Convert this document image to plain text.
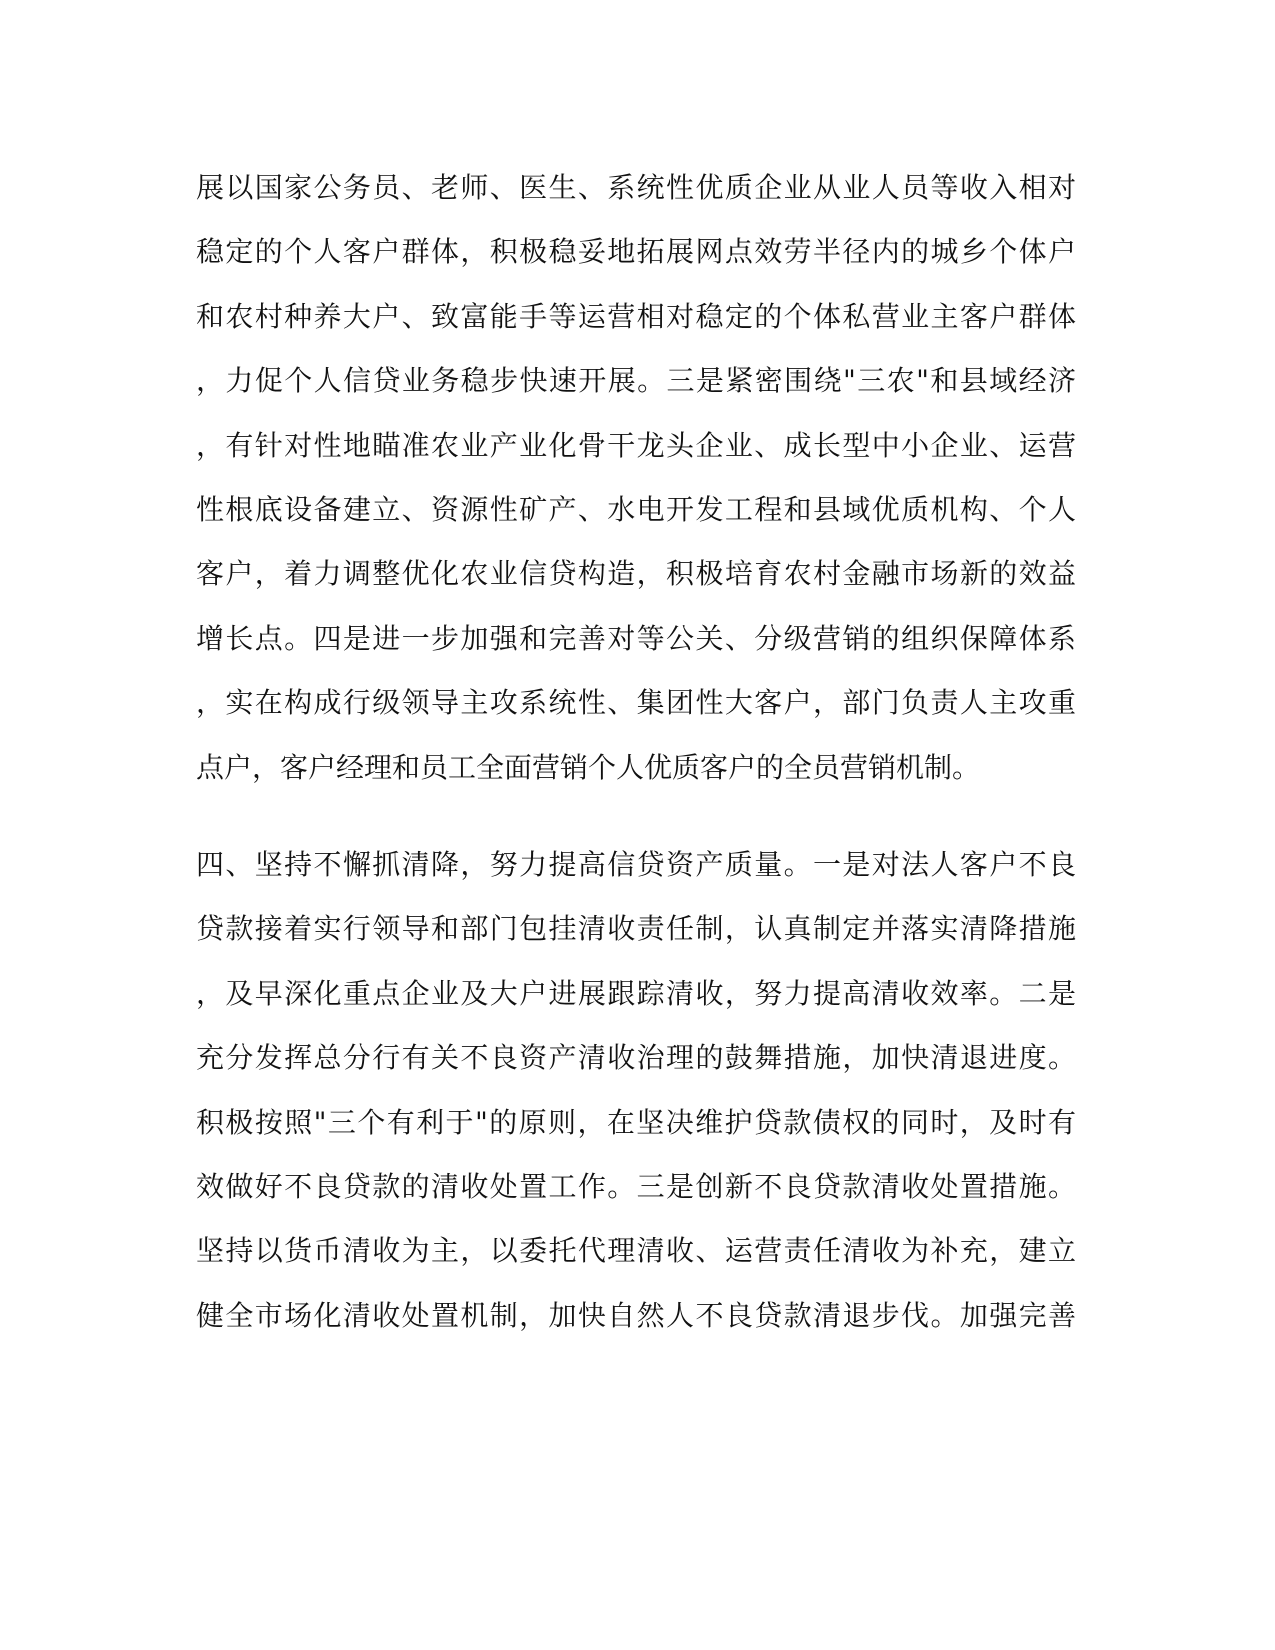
展以国家公务员、老师、医生、系统性优质企业从业人员等收入相对
稳定的个人客户群体，积极稳妥地拓展网点效劳半径内的城乡个体户
和农村种养大户、致富能手等运营相对稳定的个体私营业主客户群体
，力促个人信贷业务稳步快速开展。三是紧密围绕"三农"和县域经济
，有针对性地瞄准农业产业化骨干龙头企业、成长型中小企业、运营
性根底设备建立、资源性矿产、水电开发工程和县域优质机构、个人
客户，着力调整优化农业信贷构造，积极培育农村金融市场新的效益
增长点。四是进一步加强和完善对等公关、分级营销的组织保障体系
，实在构成行级领导主攻系统性、集团性大客户，部门负责人主攻重
点户，客户经理和员工全面营销个人优质客户的全员营销机制。
四、坚持不懈抓清降，努力提高信贷资产质量。一是对法人客户不良
贷款接着实行领导和部门包挂清收责任制，认真制定并落实清降措施
，及早深化重点企业及大户进展跟踪清收，努力提高清收效率。二是
充分发挥总分行有关不良资产清收治理的鼓舞措施，加快清退进度。
积极按照"三个有利于"的原则，在坚决维护贷款债权的同时，及时有
效做好不良贷款的清收处置工作。三是创新不良贷款清收处置措施。
坚持以货币清收为主，以委托代理清收、运营责任清收为补充，建立
健全市场化清收处置机制，加快自然人不良贷款清退步伐。加强完善
